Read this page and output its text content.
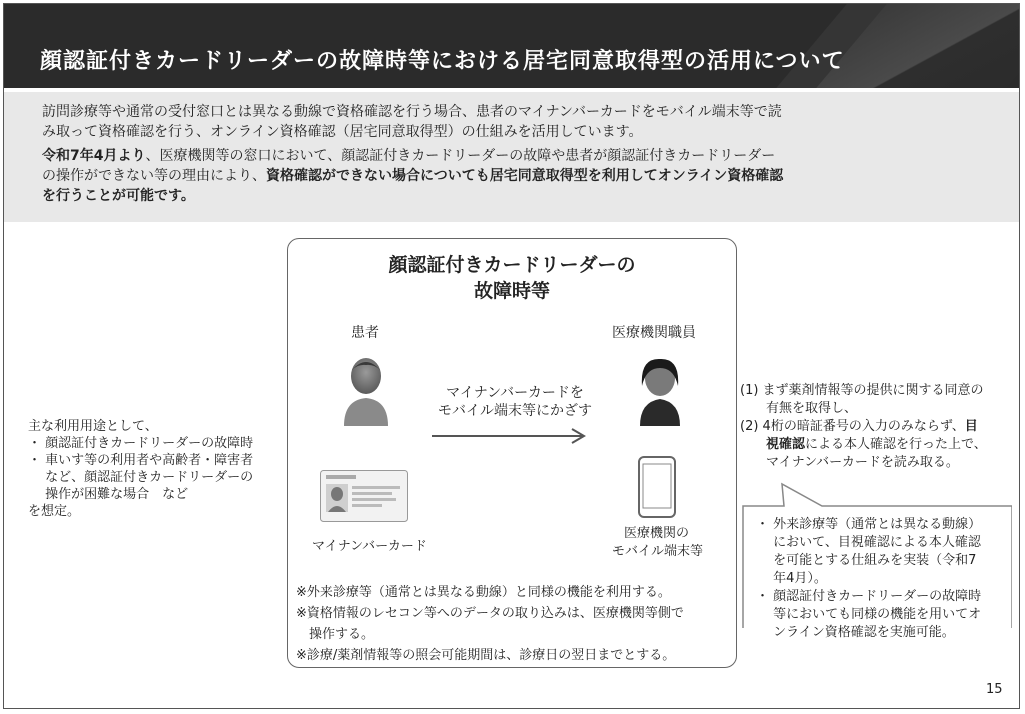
顔認証付きカードリーダーの故障時等における居宅同意取得型の活用について

訪問診療等や通常の受付窓口とは異なる動線で資格確認を行う場合、患者のマイナンバーカードをモバイル端末等で読

み取って資格確認を行う、オンライン資格確認（居宅同意取得型）の仕組みを活用しています。

令和7年4月より、医療機関等の窓口において、顔認証付きカードリーダーの故障や患者が顔認証付きカードリーダー

の操作ができない等の理由により、資格確認ができない場合についても居宅同意取得型を利用してオンライン資格確認

を行うことが可能です。

顔認証付きカードリーダーの
故障時等
患者	医療機関職員
マイナンバーカードを
モバイル端末等にかざす
マイナンバーカード
医療機関の
モバイル端末等
主な利用用途として、
・ 顔認証付きカードリーダーの故障時
・ 車いす等の利用者や高齢者・障害者
　 など、顔認証付きカードリーダーの
　 操作が困難な場合　など
を想定。
(1) まず薬剤情報等の提供に関する同意の
　　有無を取得し、
(2) 4桁の暗証番号の入力のみならず、目
　　視確認による本人確認を行った上で、
　　マイナンバーカードを読み取る。
・ 外来診療等（通常とは異なる動線）
　 において、目視確認による本人確認
　 を可能とする仕組みを実装（令和7
　 年4月）。
・ 顔認証付きカードリーダーの故障時
　 等においても同様の機能を用いてオ
　 ンライン資格確認を実施可能。
※外来診療等（通常とは異なる動線）と同様の機能を利用する。
※資格情報のレセコン等へのデータの取り込みは、医療機関等側で
　操作する。
※診療/薬剤情報等の照会可能期間は、診療日の翌日までとする。
15
